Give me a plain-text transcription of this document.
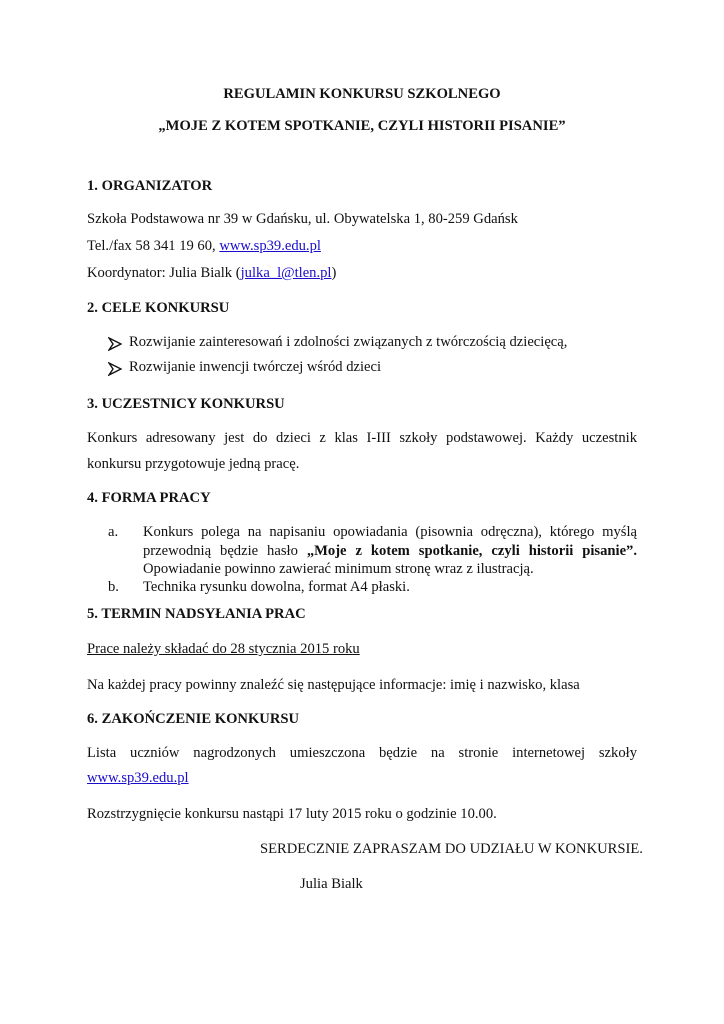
REGULAMIN KONKURSU SZKOLNEGO
„MOJE Z KOTEM SPOTKANIE, CZYLI HISTORII PISANIE”
1. ORGANIZATOR
Szkoła Podstawowa nr 39 w Gdańsku, ul. Obywatelska 1, 80-259 Gdańsk
Tel./fax 58 341 19 60, www.sp39.edu.pl
Koordynator: Julia Bialk (julka_l@tlen.pl)
2. CELE KONKURSU
Rozwijanie zainteresowań i zdolności związanych z twórczością dziecięcą,
Rozwijanie inwencji twórczej wśród dzieci
3. UCZESTNICY KONKURSU
Konkurs adresowany jest do dzieci z klas I-III szkoły podstawowej. Każdy uczestnik
konkursu przygotowuje jedną pracę.
4. FORMA PRACY
a. Konkurs polega na napisaniu opowiadania (pisownia odręczna), którego myślą
przewodnią będzie hasło „Moje z kotem spotkanie, czyli historii pisanie”.
Opowiadanie powinno zawierać minimum stronę wraz z ilustracją.
b. Technika rysunku dowolna, format A4 płaski.
5. TERMIN NADSYŁANIA PRAC
Prace należy składać do 28 stycznia 2015 roku
Na każdej pracy powinny znaleźć się następujące informacje: imię i nazwisko, klasa
6. ZAKOŃCZENIE KONKURSU
Lista uczniów nagrodzonych umieszczona będzie na stronie internetowej szkoły
www.sp39.edu.pl
Rozstrzygnięcie konkursu nastąpi 17 luty 2015 roku o godzinie 10.00.
SERDECZNIE ZAPRASZAM DO UDZIAŁU W KONKURSIE.
Julia Bialk
